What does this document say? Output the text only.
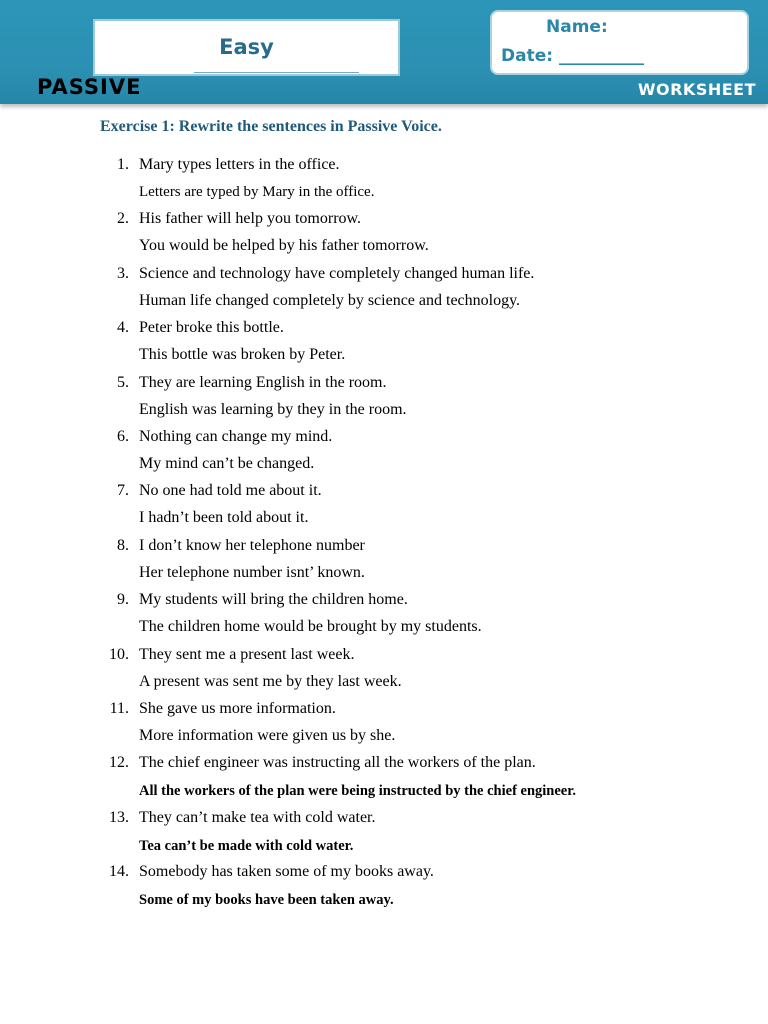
Easy
Name:
Date: __________
PASSIVE	WORKSHEET
Exercise 1: Rewrite the sentences in Passive Voice.
1. Mary types letters in the office.
Letters are typed by Mary in the office.
2. His father will help you tomorrow.
You would be helped by his father tomorrow.
3. Science and technology have completely changed human life.
Human life changed completely by science and technology.
4. Peter broke this bottle.
This bottle was broken by Peter.
5. They are learning English in the room.
English was learning by they in the room.
6. Nothing can change my mind.
My mind can’t be changed.
7. No one had told me about it.
I hadn’t been told about it.
8. I don’t know her telephone number
Her telephone number isnt’ known.
9. My students will bring the children home.
The children home would be brought by my students.
10. They sent me a present last week.
A present was sent me by they last week.
11. She gave us more information.
More information were given us by she.
12. The chief engineer was instructing all the workers of the plan.
All the workers of the plan were being instructed by the chief engineer.
13. They can’t make tea with cold water.
Tea can’t be made with cold water.
14. Somebody has taken some of my books away.
Some of my books have been taken away.
